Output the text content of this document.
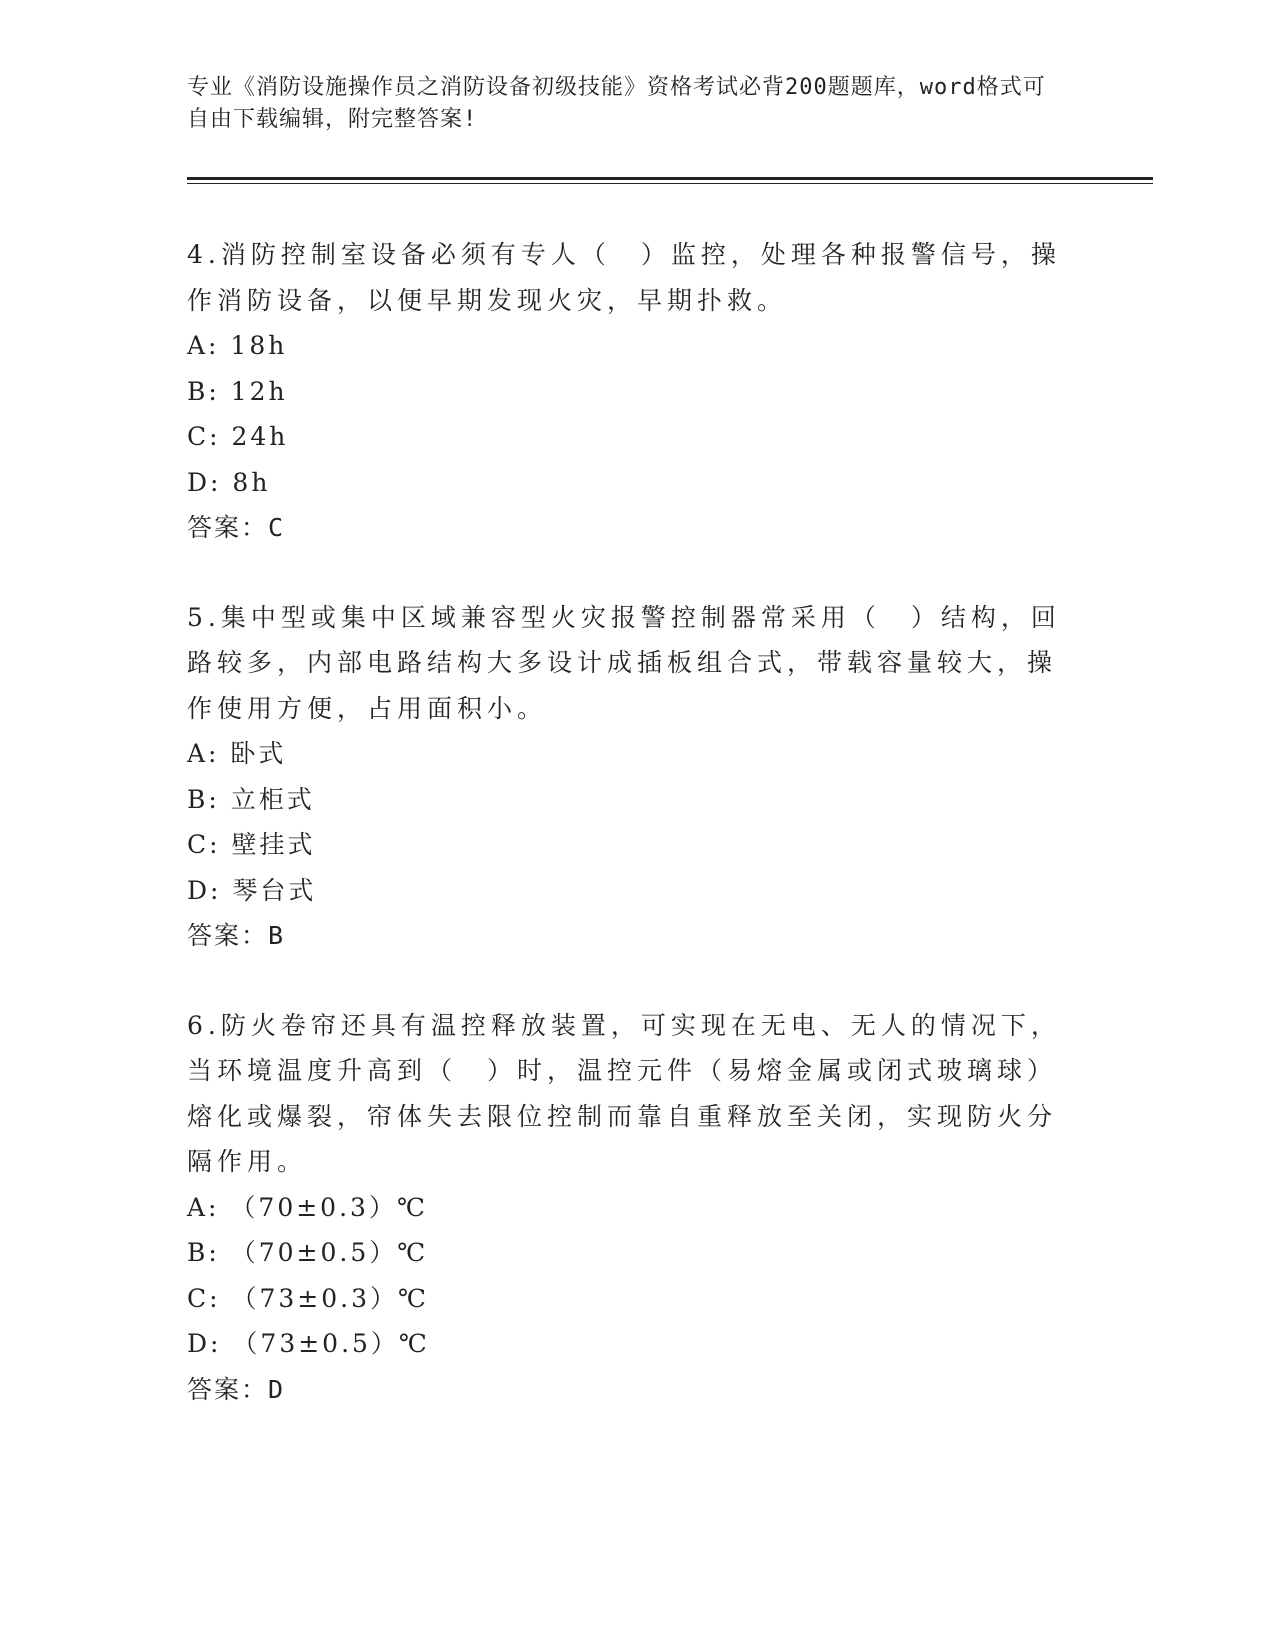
专业《消防设施操作员之消防设备初级技能》资格考试必背200题题库，word格式可自由下载编辑，附完整答案!

4.消防控制室设备必须有专人（　）监控，处理各种报警信号，操作消防设备，以便早期发现火灾，早期扑救。

A: 18h

B: 12h

C: 24h

D: 8h

答案：C

5.集中型或集中区域兼容型火灾报警控制器常采用（　）结构，回路较多，内部电路结构大多设计成插板组合式，带载容量较大，操作使用方便，占用面积小。

A: 卧式

B: 立柜式

C: 壁挂式

D: 琴台式

答案：B

6.防火卷帘还具有温控释放装置，可实现在无电、无人的情况下，当环境温度升高到（　）时，温控元件（易熔金属或闭式玻璃球）熔化或爆裂，帘体失去限位控制而靠自重释放至关闭，实现防火分隔作用。

A: （70±0.3）℃

B: （70±0.5）℃

C: （73±0.3）℃

D: （73±0.5）℃

答案：D
